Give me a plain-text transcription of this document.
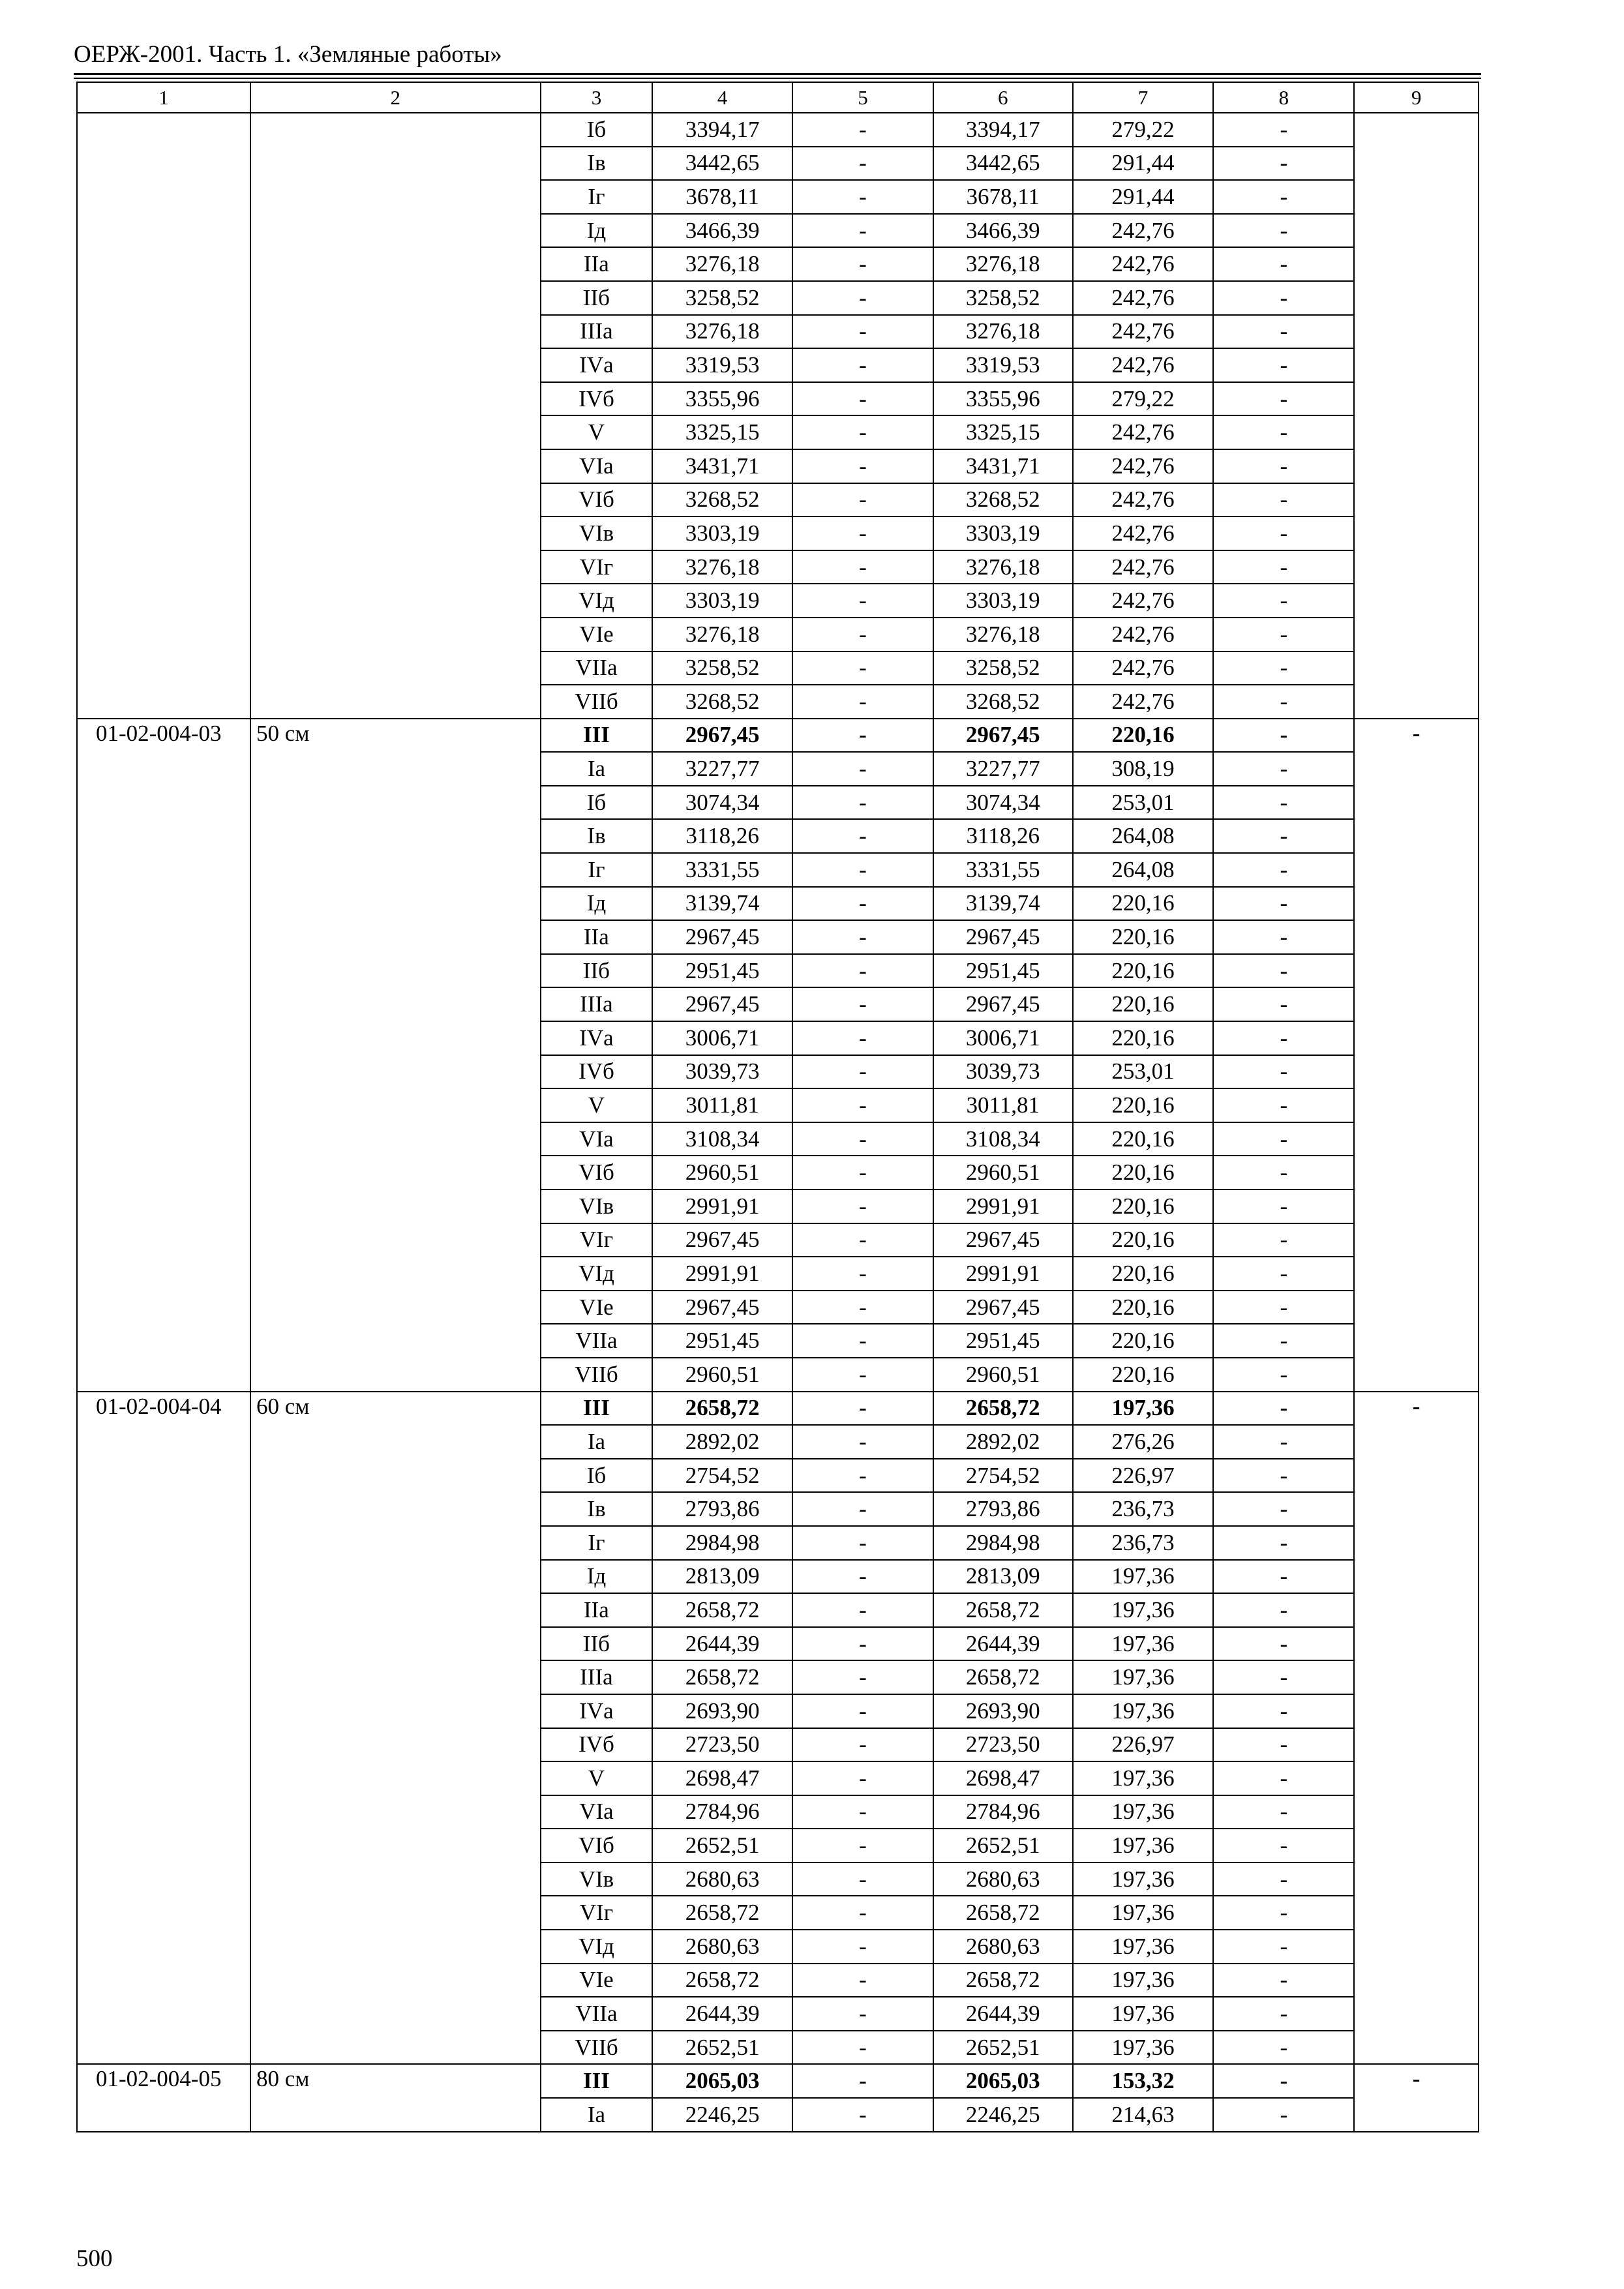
ОЕРЖ-2001. Часть 1. «Земляные работы»
1	2	3	4	5	6	7	8	9
		Iб	3394,17	-	3394,17	279,22	-	
		Iв	3442,65	-	3442,65	291,44	-	
		Iг	3678,11	-	3678,11	291,44	-	
		Iд	3466,39	-	3466,39	242,76	-	
		IIа	3276,18	-	3276,18	242,76	-	
		IIб	3258,52	-	3258,52	242,76	-	
		IIIа	3276,18	-	3276,18	242,76	-	
		IVа	3319,53	-	3319,53	242,76	-	
		IVб	3355,96	-	3355,96	279,22	-	
		V	3325,15	-	3325,15	242,76	-	
		VIа	3431,71	-	3431,71	242,76	-	
		VIб	3268,52	-	3268,52	242,76	-	
		VIв	3303,19	-	3303,19	242,76	-	
		VIг	3276,18	-	3276,18	242,76	-	
		VIд	3303,19	-	3303,19	242,76	-	
		VIе	3276,18	-	3276,18	242,76	-	
		VIIа	3258,52	-	3258,52	242,76	-	
		VIIб	3268,52	-	3268,52	242,76	-	
01-02-004-03	50 см	III	2967,45	-	2967,45	220,16	-	-
		Iа	3227,77	-	3227,77	308,19	-	
		Iб	3074,34	-	3074,34	253,01	-	
		Iв	3118,26	-	3118,26	264,08	-	
		Iг	3331,55	-	3331,55	264,08	-	
		Iд	3139,74	-	3139,74	220,16	-	
		IIа	2967,45	-	2967,45	220,16	-	
		IIб	2951,45	-	2951,45	220,16	-	
		IIIа	2967,45	-	2967,45	220,16	-	
		IVа	3006,71	-	3006,71	220,16	-	
		IVб	3039,73	-	3039,73	253,01	-	
		V	3011,81	-	3011,81	220,16	-	
		VIа	3108,34	-	3108,34	220,16	-	
		VIб	2960,51	-	2960,51	220,16	-	
		VIв	2991,91	-	2991,91	220,16	-	
		VIг	2967,45	-	2967,45	220,16	-	
		VIд	2991,91	-	2991,91	220,16	-	
		VIе	2967,45	-	2967,45	220,16	-	
		VIIа	2951,45	-	2951,45	220,16	-	
		VIIб	2960,51	-	2960,51	220,16	-	
01-02-004-04	60 см	III	2658,72	-	2658,72	197,36	-	-
		Iа	2892,02	-	2892,02	276,26	-	
		Iб	2754,52	-	2754,52	226,97	-	
		Iв	2793,86	-	2793,86	236,73	-	
		Iг	2984,98	-	2984,98	236,73	-	
		Iд	2813,09	-	2813,09	197,36	-	
		IIа	2658,72	-	2658,72	197,36	-	
		IIб	2644,39	-	2644,39	197,36	-	
		IIIа	2658,72	-	2658,72	197,36	-	
		IVа	2693,90	-	2693,90	197,36	-	
		IVб	2723,50	-	2723,50	226,97	-	
		V	2698,47	-	2698,47	197,36	-	
		VIа	2784,96	-	2784,96	197,36	-	
		VIб	2652,51	-	2652,51	197,36	-	
		VIв	2680,63	-	2680,63	197,36	-	
		VIг	2658,72	-	2658,72	197,36	-	
		VIд	2680,63	-	2680,63	197,36	-	
		VIе	2658,72	-	2658,72	197,36	-	
		VIIа	2644,39	-	2644,39	197,36	-	
		VIIб	2652,51	-	2652,51	197,36	-	
01-02-004-05	80 см	III	2065,03	-	2065,03	153,32	-	-
		Iа	2246,25	-	2246,25	214,63	-	
500
